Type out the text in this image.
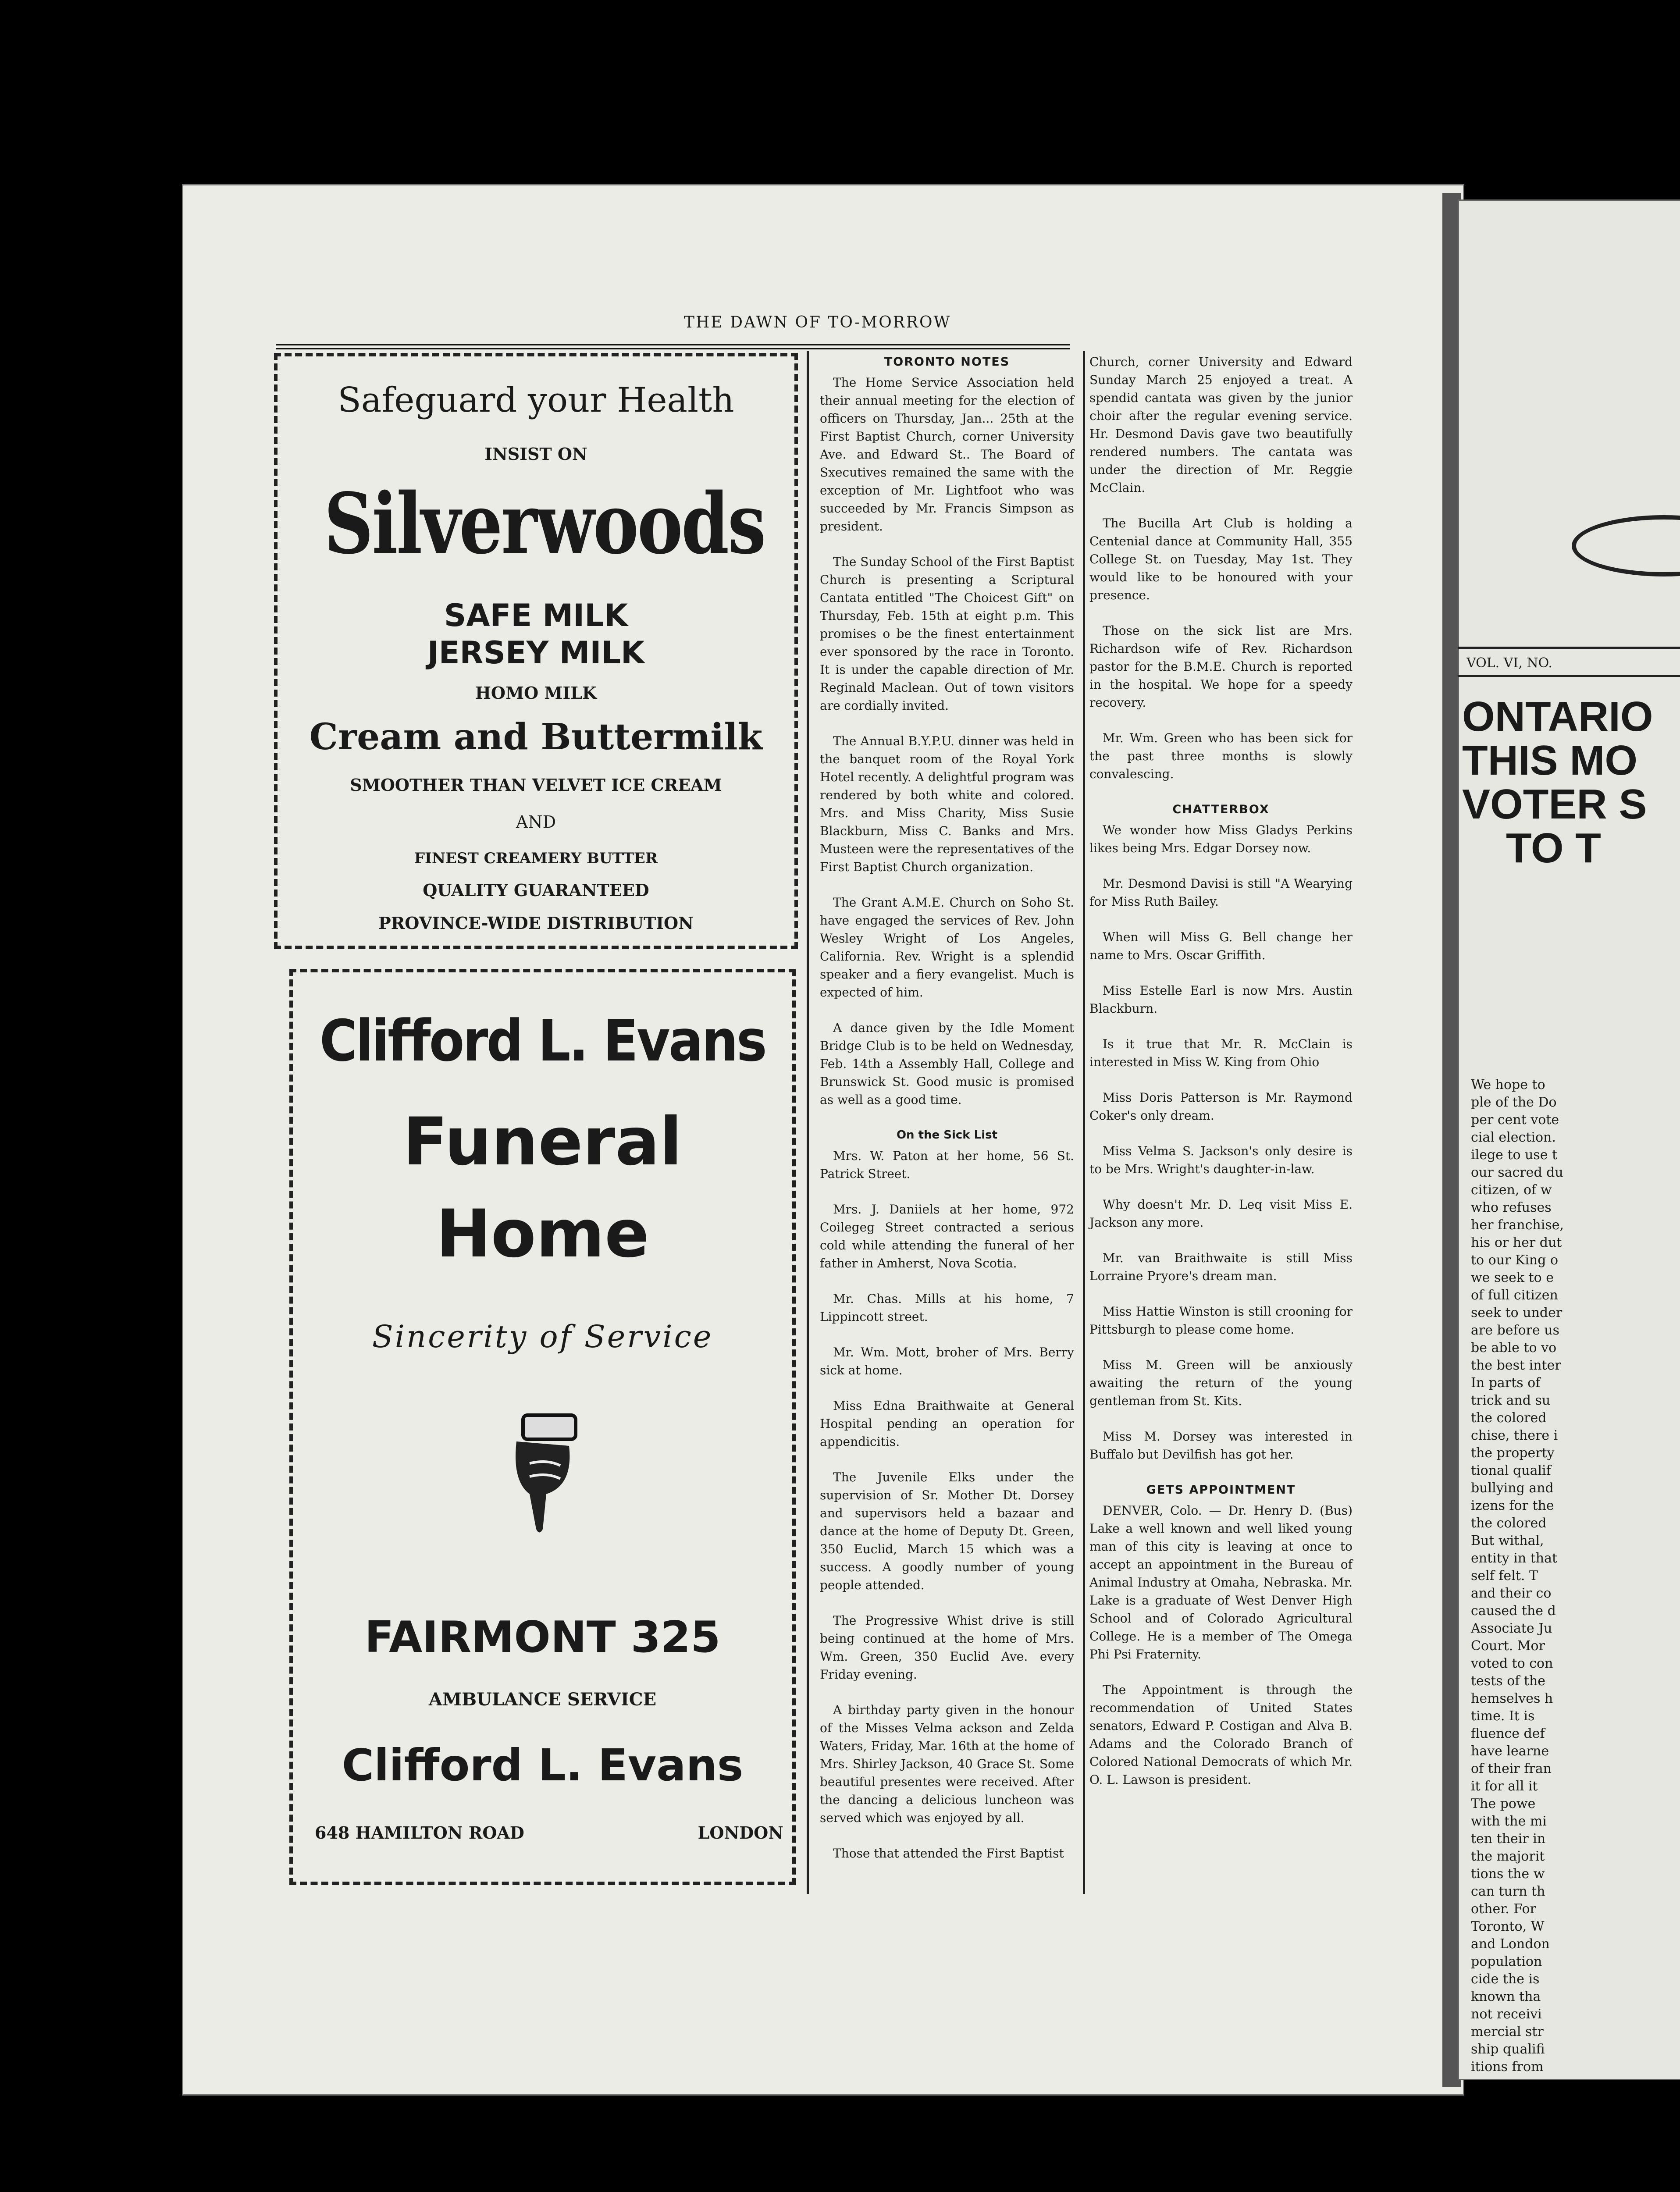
THE DAWN OF TO-MORROW
Safeguard your Health
INSIST ON
Silverwoods
SAFE MILK
JERSEY MILK
HOMO MILK
Cream and Buttermilk
SMOOTHER THAN VELVET ICE CREAM
AND
FINEST CREAMERY BUTTER
QUALITY GUARANTEED
PROVINCE-WIDE DISTRIBUTION
Clifford L. Evans
Funeral
Home
Sincerity of Service
FAIRMONT 325
AMBULANCE SERVICE
Clifford L. Evans
648 HAMILTON ROAD	LONDON
TORONTO NOTES

The Home Service Association held their annual meeting for the election of officers on Thursday, Jan... 25th at the First Baptist Church, corner University Ave. and Edward St.. The Board of Sxecutives remained the same with the exception of Mr. Lightfoot who was succeeded by Mr. Francis Simpson as president.

The Sunday School of the First Baptist Church is presenting a Scriptural Cantata entitled "The Choicest Gift" on Thursday, Feb. 15th at eight p.m. This promises o be the finest entertainment ever sponsored by the race in Toronto. It is under the capable direction of Mr. Reginald Maclean. Out of town visitors are cordially invited.

The Annual B.Y.P.U. dinner was held in the banquet room of the Royal York Hotel recently. A delightful program was rendered by both white and colored. Mrs. and Miss Charity, Miss Susie Blackburn, Miss C. Banks and Mrs. Musteen were the representatives of the First Baptist Church organization.

The Grant A.M.E. Church on Soho St. have engaged the services of Rev. John Wesley Wright of Los Angeles, California. Rev. Wright is a splendid speaker and a fiery evangelist. Much is expected of him.

A dance given by the Idle Moment Bridge Club is to be held on Wednesday, Feb. 14th a Assembly Hall, College and Brunswick St. Good music is promised as well as a good time.

On the Sick List

Mrs. W. Paton at her home, 56 St. Patrick Street.

Mrs. J. Daniiels at her home, 972 Coilegeg Street contracted a serious cold while attending the funeral of her father in Amherst, Nova Scotia.

Mr. Chas. Mills at his home, 7 Lippincott street.

Mr. Wm. Mott, broher of Mrs. Berry sick at home.

Miss Edna Braithwaite at General Hospital pending an operation for appendicitis.

The Juvenile Elks under the supervision of Sr. Mother Dt. Dorsey and supervisors held a bazaar and dance at the home of Deputy Dt. Green, 350 Euclid, March 15 which was a success. A goodly number of young people attended.

The Progressive Whist drive is still being continued at the home of Mrs. Wm. Green, 350 Euclid Ave. every Friday evening.

A birthday party given in the honour of the Misses Velma ackson and Zelda Waters, Friday, Mar. 16th at the home of Mrs. Shirley Jackson, 40 Grace St. Some beautiful presentes were received. After the dancing a delicious luncheon was served which was enjoyed by all.

Those that attended the First Baptist

Church, corner University and Edward Sunday March 25 enjoyed a treat. A spendid cantata was given by the junior choir after the regular evening service. Hr. Desmond Davis gave two beautifully rendered numbers. The cantata was under the direction of Mr. Reggie McClain.

The Bucilla Art Club is holding a Centenial dance at Community Hall, 355 College St. on Tuesday, May 1st. They would like to be honoured with your presence.

Those on the sick list are Mrs. Richardson wife of Rev. Richardson pastor for the B.M.E. Church is reported in the hospital. We hope for a speedy recovery.

Mr. Wm. Green who has been sick for the past three months is slowly convalescing.

CHATTERBOX

We wonder how Miss Gladys Perkins likes being Mrs. Edgar Dorsey now.

Mr. Desmond Davisi is still "A Wearying for Miss Ruth Bailey.

When will Miss G. Bell change her name to Mrs. Oscar Griffith.

Miss Estelle Earl is now Mrs. Austin Blackburn.

Is it true that Mr. R. McClain is interested in Miss W. King from Ohio

Miss Doris Patterson is Mr. Raymond Coker's only dream.

Miss Velma S. Jackson's only desire is to be Mrs. Wright's daughter-in-law.

Why doesn't Mr. D. Leq visit Miss E. Jackson any more.

Mr. van Braithwaite is still Miss Lorraine Pryore's dream man.

Miss Hattie Winston is still crooning for Pittsburgh to please come home.

Miss M. Green will be anxiously awaiting the return of the young gentleman from St. Kits.

Miss M. Dorsey was interested in Buffalo but Devilfish has got her.

GETS APPOINTMENT

DENVER, Colo. — Dr. Henry D. (Bus) Lake a well known and well liked young man of this city is leaving at once to accept an appointment in the Bureau of Animal Industry at Omaha, Nebraska. Mr. Lake is a graduate of West Denver High School and of Colorado Agricultural College. He is a member of The Omega Phi Psi Fraternity.

The Appointment is through the recommendation of United States senators, Edward P. Costigan and Alva B. Adams and the Colorado Branch of Colored National Democrats of which Mr. O. L. Lawson is president.

VOL. VI, NO.
ONTARIO
THIS MO
VOTER S
TO T
We hope to
ple of the Do
per cent vote
cial election.
ilege to use t
our sacred du
citizen, of w
who refuses
her franchise,
his or her dut
to our King o
we seek to e
of full citizen
seek to under
are before us
be able to vo
the best inter
In parts of
trick and su
the colored
chise, there i
the property
tional qualif
bullying and
izens for the
the colored
But withal,
entity in that
self felt. T
and their co
caused the d
Associate Ju
Court. Mor
voted to con
tests of the
hemselves h
time. It is
fluence def
have learne
of their fran
it for all it
The powe
with the mi
ten their in
the majorit
tions the w
can turn th
other. For
Toronto, W
and London
population
cide the is
known tha
not receivi
mercial str
ship qualifi
itions from
